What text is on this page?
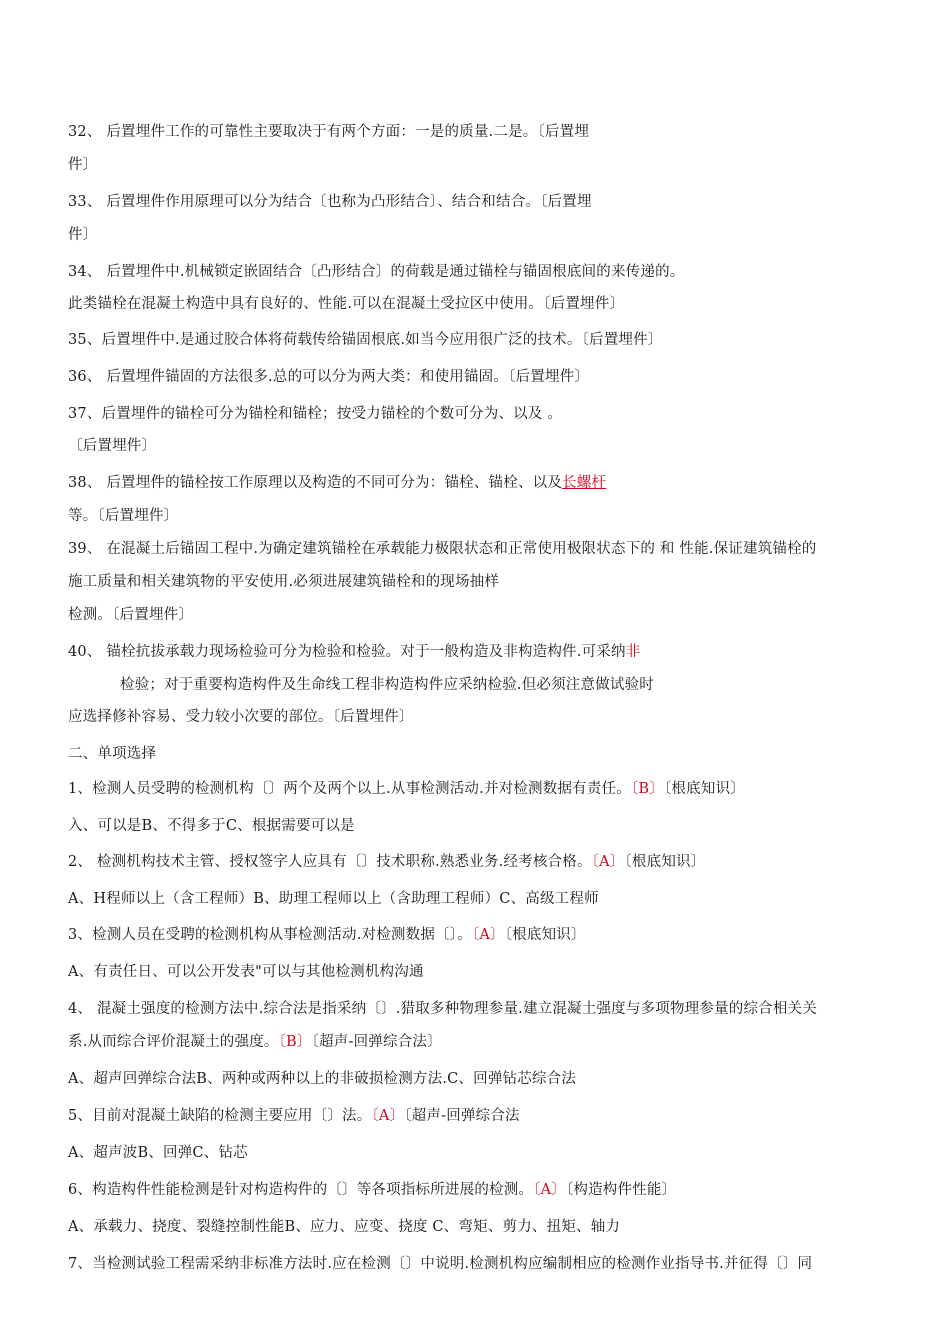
32、 后置埋件工作的可靠性主要取决于有两个方面：一是的质量.二是。〔后置埋
件〕
33、 后置埋件作用原理可以分为结合〔也称为凸形结合〕、结合和结合。〔后置埋
件〕
34、 后置埋件中.机械锁定嵌固结合〔凸形结合〕的荷载是通过锚栓与锚固根底间的来传递的。
此类锚栓在混凝土构造中具有良好的、性能.可以在混凝土受拉区中使用。〔后置埋件〕
35、后置埋件中.是通过胶合体将荷载传给锚固根底.如当今应用很广泛的技术。〔后置埋件〕
36、 后置埋件锚固的方法很多.总的可以分为两大类：和使用锚固。〔后置埋件〕
37、后置埋件的锚栓可分为锚栓和锚栓；按受力锚栓的个数可分为、以及 。
〔后置埋件〕
38、 后置埋件的锚栓按工作原理以及构造的不同可分为：锚栓、锚栓、以及长螺杆
等。〔后置埋件〕
39、 在混凝土后锚固工程中.为确定建筑锚栓在承载能力极限状态和正常使用极限状态下的 和 性能.保证建筑锚栓的
施工质量和相关建筑物的平安使用.必须进展建筑锚栓和的现场抽样
检测。〔后置埋件〕
40、 锚栓抗拔承载力现场检验可分为检验和检验。对于一般构造及非构造构件.可采纳非
检验；对于重要构造构件及生命线工程非构造构件应采纳检验.但必须注意做试验时
应选择修补容易、受力较小次要的部位。〔后置埋件〕
二、单项选择
1、检测人员受聘的检测机构〔〕两个及两个以上.从事检测活动.并对检测数据有责任。〔B〕〔根底知识〕
入、可以是B、不得多于C、根据需要可以是
2、 检测机构技术主管、授权签字人应具有〔〕技术职称.熟悉业务.经考核合格。〔A〕〔根底知识〕
A、H程师以上（含工程师）B、助理工程师以上（含助理工程师）C、高级工程师
3、检测人员在受聘的检测机构从事检测活动.对检测数据〔〕。〔A〕〔根底知识〕
A、有责任日、可以公开发表"可以与其他检测机构沟通
4、 混凝土强度的检测方法中.综合法是指采纳〔〕.猎取多种物理参量.建立混凝土强度与多项物理参量的综合相关关
系.从而综合评价混凝土的强度。〔B〕〔超声-回弹综合法〕
A、超声回弹综合法B、两种或两种以上的非破损检测方法.C、回弹钻芯综合法
5、目前对混凝土缺陷的检测主要应用〔〕法。〔A〕〔超声-回弹综合法
A、超声波B、回弹C、钻芯
6、构造构件性能检测是针对构造构件的〔〕等各项指标所进展的检测。〔A〕〔构造构件性能〕
A、承载力、挠度、裂缝控制性能B、应力、应变、挠度 C、弯矩、剪力、扭矩、轴力
7、当检测试验工程需采纳非标准方法时.应在检测〔〕中说明.检测机构应编制相应的检测作业指导书.并征得〔〕同
